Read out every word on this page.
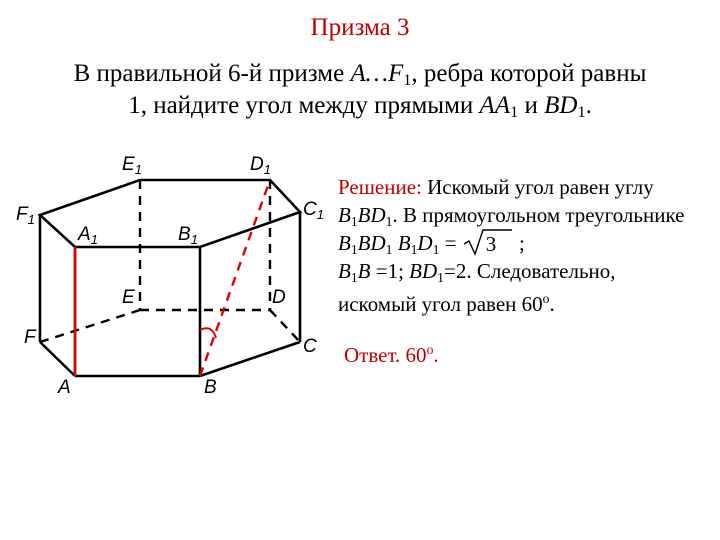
Призма 3
В правильной 6-й призме $A\dots F_1$, ребра которой равны
1, найдите угол между прямыми $AA_1$ и $BD_1$.
$E_1$	$D_1$
$F_1$	$C_1$
$A_1$	$B_1$
E	D
F	C
A	B
Решение: Искомый угол равен углу $B_1BD_1$. В прямоугольном треугольнике $B_1BD_1$ $B_1D_1 = 3$ ;
$B_1B =1$; $BD_1=2$. Следовательно, искомый угол равен $60^о$.
Ответ. $60^о$.
